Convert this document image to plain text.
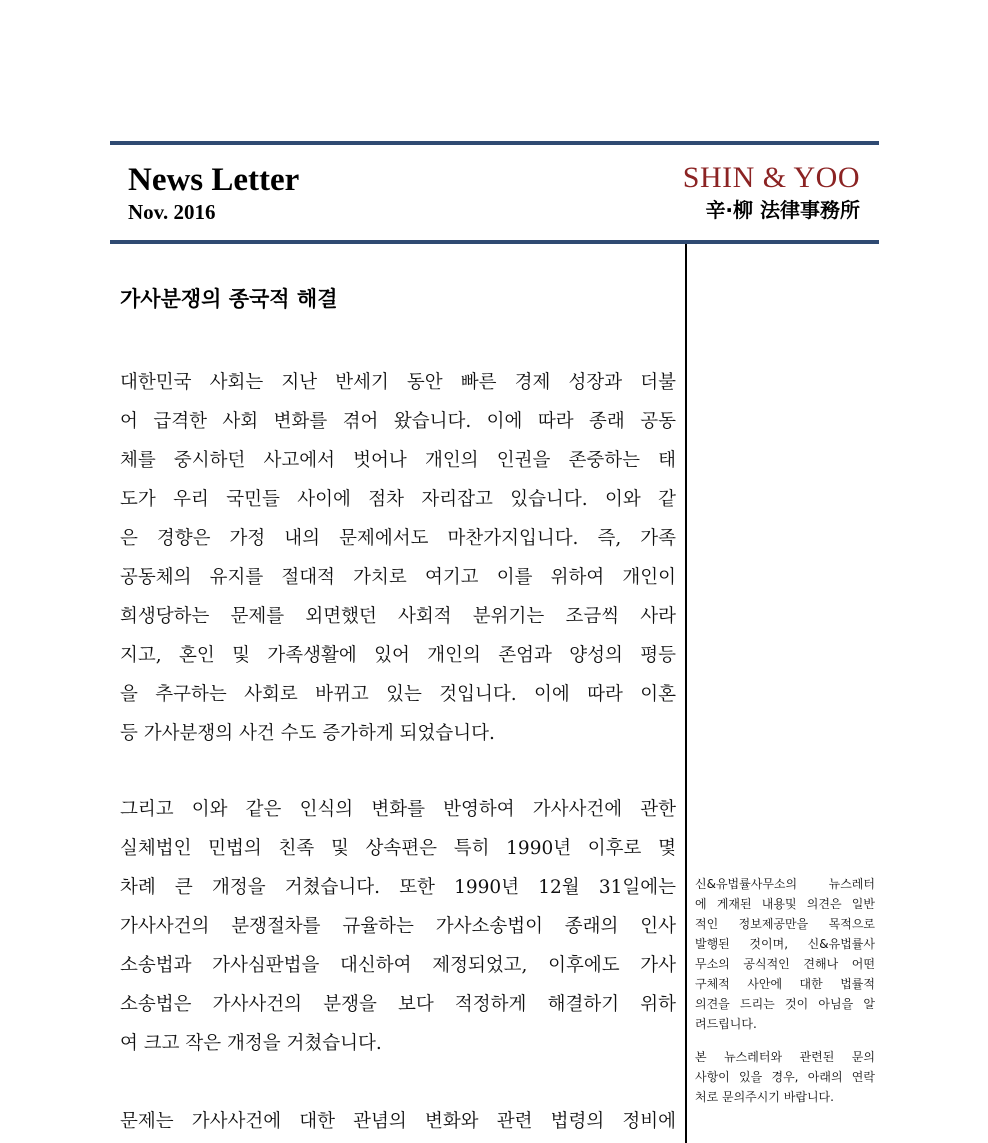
News Letter
Nov. 2016
SHIN & YOO
辛·柳 法律事務所
가사분쟁의 종국적 해결
대한민국 사회는 지난 반세기 동안 빠른 경제 성장과 더불
어 급격한 사회 변화를 겪어 왔습니다. 이에 따라 종래 공동
체를 중시하던 사고에서 벗어나 개인의 인권을 존중하는 태
도가 우리 국민들 사이에 점차 자리잡고 있습니다. 이와 같
은 경향은 가정 내의 문제에서도 마찬가지입니다. 즉, 가족
공동체의 유지를 절대적 가치로 여기고 이를 위하여 개인이
희생당하는 문제를 외면했던 사회적 분위기는 조금씩 사라
지고, 혼인 및 가족생활에 있어 개인의 존엄과 양성의 평등
을 추구하는 사회로 바뀌고 있는 것입니다. 이에 따라 이혼
등 가사분쟁의 사건 수도 증가하게 되었습니다.
그리고 이와 같은 인식의 변화를 반영하여 가사사건에 관한
실체법인 민법의 친족 및 상속편은 특히 1990년 이후로 몇
차례 큰 개정을 거쳤습니다. 또한 1990년 12월 31일에는
가사사건의 분쟁절차를 규율하는 가사소송법이 종래의 인사
소송법과 가사심판법을 대신하여 제정되었고, 이후에도 가사
소송법은 가사사건의 분쟁을 보다 적정하게 해결하기 위하
여 크고 작은 개정을 거쳤습니다.
문제는 가사사건에 대한 관념의 변화와 관련 법령의 정비에
신&유법률사무소의 뉴스레터
에 게재된 내용및 의견은 일반
적인 정보제공만을 목적으로
발행된 것이며, 신&유법률사
무소의 공식적인 견해나 어떤
구체적 사안에 대한 법률적
의견을 드리는 것이 아님을 알
려드립니다.
본 뉴스레터와 관련된 문의
사항이 있을 경우, 아래의 연락
처로 문의주시기 바랍니다.
